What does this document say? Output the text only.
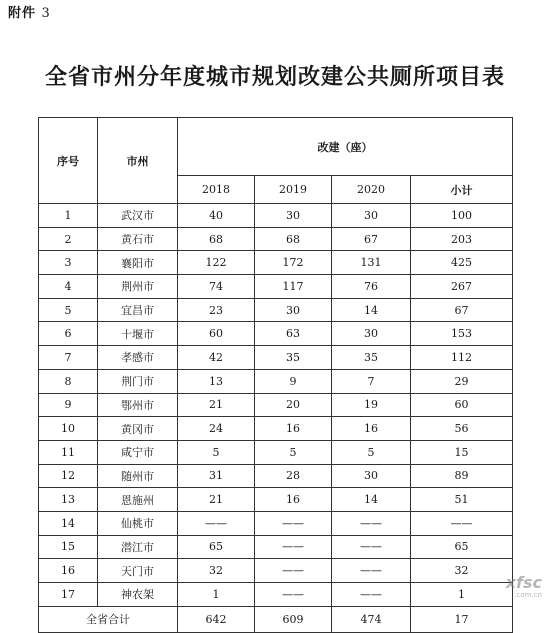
附件 3
全省市州分年度城市规划改建公共厕所项目表
序号	市州	改建（座）			
		2018	2019	2020	小计
1	武汉市	40	30	30	100
2	黄石市	68	68	67	203
3	襄阳市	122	172	131	425
4	荆州市	74	117	76	267
5	宜昌市	23	30	14	67
6	十堰市	60	63	30	153
7	孝感市	42	35	35	112
8	荆门市	13	9	7	29
9	鄂州市	21	20	19	60
10	黄冈市	24	16	16	56
11	咸宁市	5	5	5	15
12	随州市	31	28	30	89
13	恩施州	21	16	14	51
14	仙桃市	——	——	——	——
15	潜江市	65	——	——	65
16	天门市	32	——	——	32
17	神农架	1	——	——	1
全省合计		642	609	474	17
xfsc
.com.cn
